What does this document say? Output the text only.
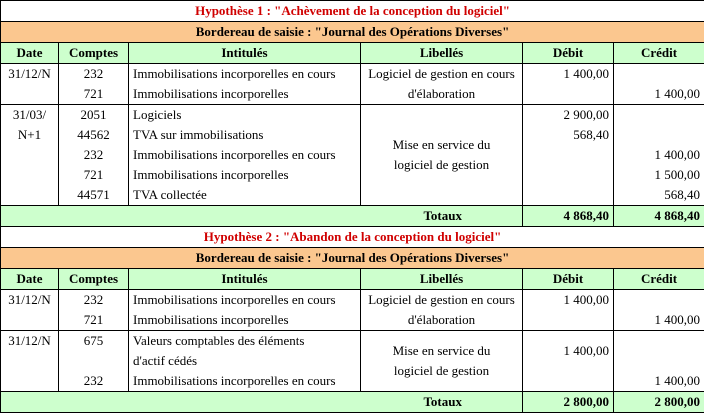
Hypothèse 1 : "Achèvement de la conception du logiciel"					
Bordereau de saisie : "Journal des Opérations Diverses"					
Date	Comptes	Intitulés	Libellés	Débit	Crédit
31/12/N	232	Immobilisations incorporelles en cours	Logiciel de gestion en cours d'élaboration	1 400,00	
	721	Immobilisations incorporelles			1 400,00

31/03/
N+1	2051	Logiciels	Mise en service du logiciel de gestion	2 900,00	
	44562	TVA sur immobilisations		568,40	
	232	Immobilisations incorporelles en cours			1 400,00
	721	Immobilisations incorporelles			1 500,00
	44571	TVA collectée			568,40
Totaux				4 868,40	4 868,40
Hypothèse 2 : "Abandon de la conception du logiciel"					
Bordereau de saisie : "Journal des Opérations Diverses"					
Date	Comptes	Intitulés	Libellés	Débit	Crédit
31/12/N	232	Immobilisations incorporelles en cours	Logiciel de gestion en cours d'élaboration	1 400,00	
	721	Immobilisations incorporelles			1 400,00
31/12/N	675	Valeurs comptables des éléments	Mise en service du logiciel de gestion	1 400,00	
		d'actif cédés			
	232	Immobilisations incorporelles en cours			1 400,00
Totaux				2 800,00	2 800,00
